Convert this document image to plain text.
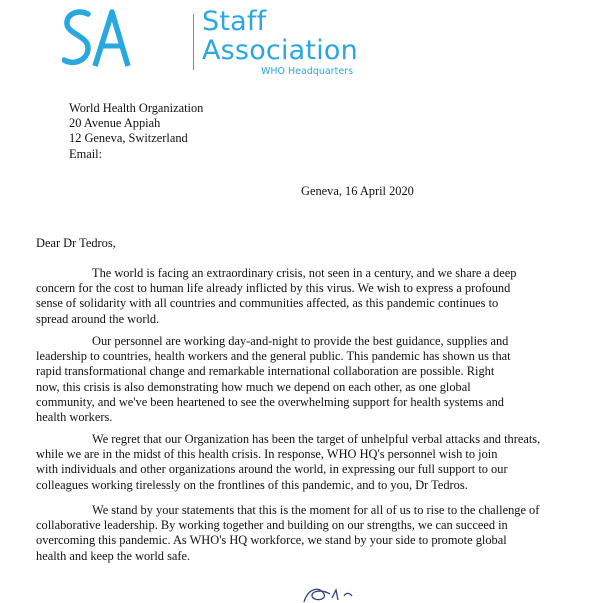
Staff
Association
WHO Headquarters
World Health Organization
20 Avenue Appiah
12 Geneva, Switzerland
Email:
Geneva, 16 April 2020
Dear Dr Tedros,
The world is facing an extraordinary crisis, not seen in a century, and we share a deep
concern for the cost to human life already inflicted by this virus. We wish to express a profound
sense of solidarity with all countries and communities affected, as this pandemic continues to
spread around the world.
Our personnel are working day-and-night to provide the best guidance, supplies and
leadership to countries, health workers and the general public. This pandemic has shown us that
rapid transformational change and remarkable international collaboration are possible. Right
now, this crisis is also demonstrating how much we depend on each other, as one global
community, and we've been heartened to see the overwhelming support for health systems and
health workers.
We regret that our Organization has been the target of unhelpful verbal attacks and threats,
while we are in the midst of this health crisis. In response, WHO HQ's personnel wish to join
with individuals and other organizations around the world, in expressing our full support to our
colleagues working tirelessly on the frontlines of this pandemic, and to you, Dr Tedros.
We stand by your statements that this is the moment for all of us to rise to the challenge of
collaborative leadership. By working together and building on our strengths, we can succeed in
overcoming this pandemic. As WHO's HQ workforce, we stand by your side to promote global
health and keep the world safe.
